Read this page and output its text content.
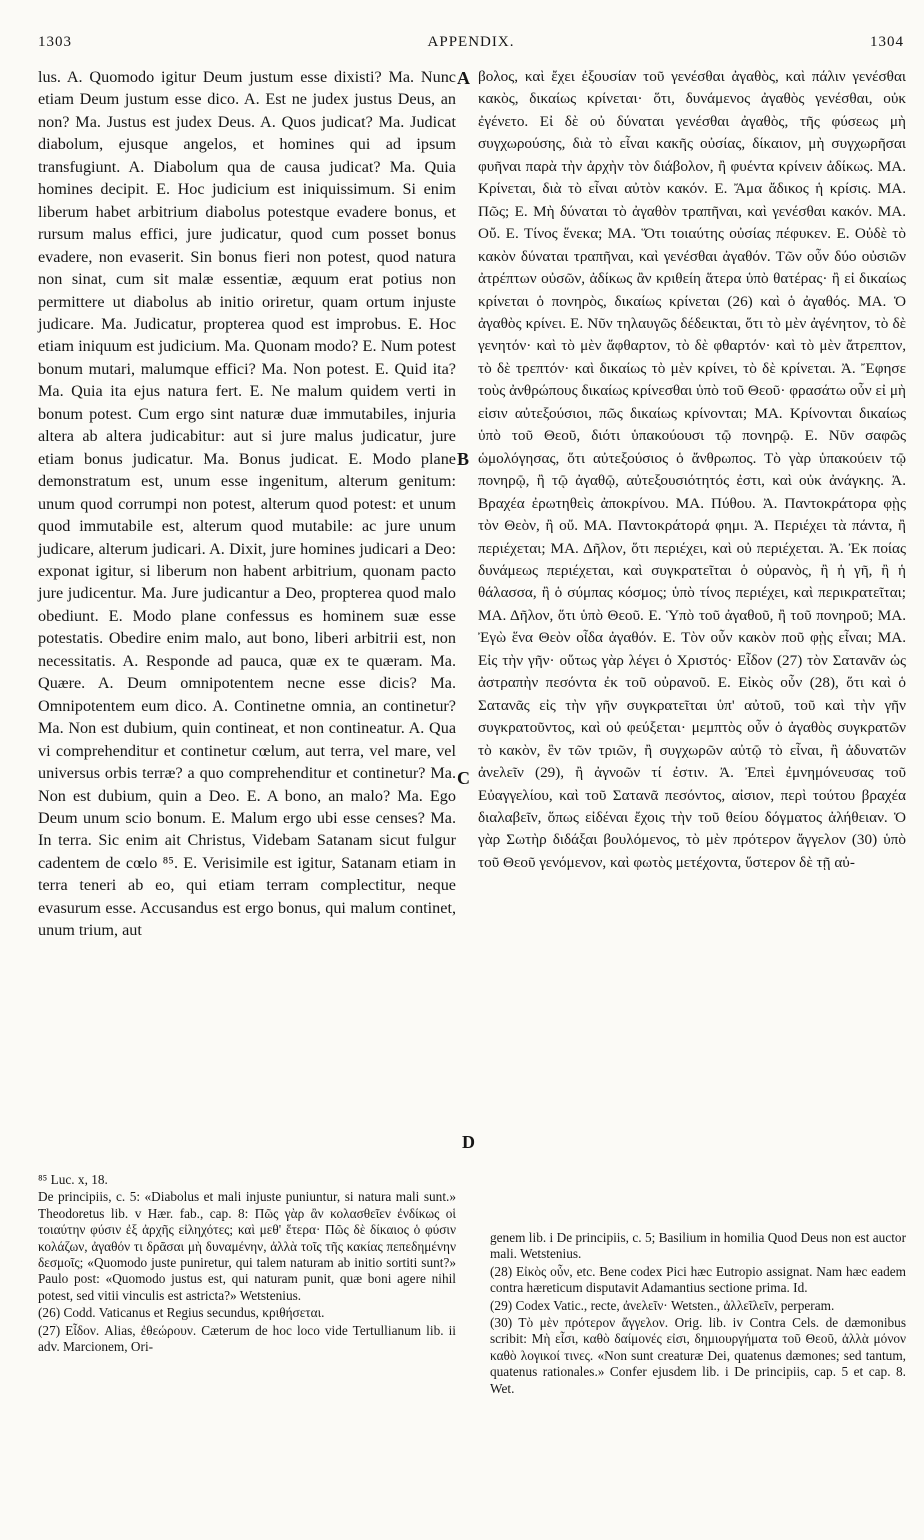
1303	APPENDIX.	1304

lus. A. Quomodo igitur Deum justum esse dixisti? Ma. Nunc etiam Deum justum esse dico. A. Est ne judex justus Deus, an non? Ma. Justus est judex Deus. A. Quos judicat? Ma. Judicat diabolum, ejusque angelos, et homines qui ad ipsum transfugiunt. A. Diabolum qua de causa judicat? Ma. Quia homines decipit. E. Hoc judicium est iniquissimum. Si enim liberum habet arbitrium diabolus potestque evadere bonus, et rursum malus effici, jure judicatur, quod cum posset bonus evadere, non evaserit. Sin bonus fieri non potest, quod natura non sinat, cum sit malæ essentiæ, æquum erat potius non permittere ut diabolus ab initio oriretur, quam ortum injuste judicare. Ma. Judicatur, propterea quod est improbus. E. Hoc etiam iniquum est judicium. Ma. Quonam modo? E. Num potest bonum mutari, malumque effici? Ma. Non potest. E. Quid ita? Ma. Quia ita ejus natura fert. E. Ne malum quidem verti in bonum potest. Cum ergo sint naturæ duæ immutabiles, injuria altera ab altera judicabitur: aut si jure malus judicatur, jure etiam bonus judicatur. Ma. Bonus judicat. E. Modo plane demonstratum est, unum esse ingenitum, alterum genitum: unum quod corrumpi non potest, alterum quod potest: et unum quod immutabile est, alterum quod mutabile: ac jure unum judicare, alterum judicari. A. Dixit, jure homines judicari a Deo: exponat igitur, si liberum non habent arbitrium, quonam pacto jure judicentur. Ma. Jure judicantur a Deo, propterea quod malo obediunt. E. Modo plane confessus es hominem suæ esse potestatis. Obedire enim malo, aut bono, liberi arbitrii est, non necessitatis. A. Responde ad pauca, quæ ex te quæram. Ma. Quære. A. Deum omnipotentem necne esse dicis? Ma. Omnipotentem eum dico. A. Continetne omnia, an continetur? Ma. Non est dubium, quin contineat, et non contineatur. A. Qua vi comprehenditur et continetur cœlum, aut terra, vel mare, vel universus orbis terræ? a quo comprehenditur et continetur? Ma. Non est dubium, quin a Deo. E. A bono, an malo? Ma. Ego Deum unum scio bonum. E. Malum ergo ubi esse censes? Ma. In terra. Sic enim ait Christus, Videbam Satanam sicut fulgur cadentem de cœlo ⁸⁵. E. Verisimile est igitur, Satanam etiam in terra teneri ab eo, qui etiam terram complectitur, neque evasurum esse. Accusandus est ergo bonus, qui malum continet, unum trium, aut

βολος, καὶ ἔχει ἐξουσίαν τοῦ γενέσθαι ἀγαθὸς, καὶ πάλιν γενέσθαι κακὸς, δικαίως κρίνεται· ὅτι, δυνάμενος ἀγαθὸς γενέσθαι, οὐκ ἐγένετο. Εἰ δὲ οὐ δύναται γενέσθαι ἀγαθὸς, τῆς φύσεως μὴ συγχωρούσης, διὰ τὸ εἶναι κακῆς οὐσίας, δίκαιον, μὴ συγχωρῆσαι φυῆναι παρὰ τὴν ἀρχὴν τὸν διάβολον, ἢ φυέντα κρίνειν ἀδίκως. ΜΑ. Κρίνεται, διὰ τὸ εἶναι αὐτὸν κακόν. Ε. Ἄμα ἄδικος ἡ κρίσις. ΜΑ. Πῶς; Ε. Μὴ δύναται τὸ ἀγαθὸν τραπῆναι, καὶ γενέσθαι κακόν. ΜΑ. Οὔ. Ε. Τίνος ἕνεκα; ΜΑ. Ὅτι τοιαύτης οὐσίας πέφυκεν. Ε. Οὐδὲ τὸ κακὸν δύναται τραπῆναι, καὶ γενέσθαι ἀγαθόν. Τῶν οὖν δύο οὐσιῶν ἀτρέπτων οὐσῶν, ἀδίκως ἂν κριθείη ἅτερα ὑπὸ θατέρας· ἢ εἰ δικαίως κρίνεται ὁ πονηρὸς, δικαίως κρίνεται (26) καὶ ὁ ἀγαθός. ΜΑ. Ὁ ἀγαθὸς κρίνει. Ε. Νῦν τηλαυγῶς δέδεικται, ὅτι τὸ μὲν ἀγένητον, τὸ δὲ γενητόν· καὶ τὸ μὲν ἄφθαρτον, τὸ δὲ φθαρτόν· καὶ τὸ μὲν ἄτρεπτον, τὸ δὲ τρεπτόν· καὶ δικαίως τὸ μὲν κρίνει, τὸ δὲ κρίνεται. Ἀ. Ἔφησε τοὺς ἀνθρώπους δικαίως κρίνεσθαι ὑπὸ τοῦ Θεοῦ· φρασάτω οὖν εἰ μὴ εἰσιν αὐτεξούσιοι, πῶς δικαίως κρίνονται; ΜΑ. Κρίνονται δικαίως ὑπὸ τοῦ Θεοῦ, διότι ὑπακούουσι τῷ πονηρῷ. Ε. Νῦν σαφῶς ὡμολόγησας, ὅτι αὐτεξούσιος ὁ ἄνθρωπος. Τὸ γὰρ ὑπακούειν τῷ πονηρῷ, ἢ τῷ ἀγαθῷ, αὐτεξουσιότητός ἐστι, καὶ οὐκ ἀνάγκης. Ἀ. Βραχέα ἐρωτηθεὶς ἀποκρίνου. ΜΑ. Πύθου. Ἀ. Παντοκράτορα φῂς τὸν Θεὸν, ἢ οὔ. ΜΑ. Παντοκράτορά φημι. Ἀ. Περιέχει τὰ πάντα, ἢ περιέχεται; ΜΑ. Δῆλον, ὅτι περιέχει, καὶ οὐ περιέχεται. Ἀ. Ἐκ ποίας δυνάμεως περιέχεται, καὶ συγκρατεῖται ὁ οὐρανὸς, ἢ ἡ γῆ, ἢ ἡ θάλασσα, ἢ ὁ σύμπας κόσμος; ὑπὸ τίνος περιέχει, καὶ περικρατεῖται; ΜΑ. Δῆλον, ὅτι ὑπὸ Θεοῦ. Ε. Ὑπὸ τοῦ ἀγαθοῦ, ἢ τοῦ πονηροῦ; ΜΑ. Ἐγὼ ἕνα Θεὸν οἶδα ἀγαθόν. Ε. Τὸν οὖν κακὸν ποῦ φῂς εἶναι; ΜΑ. Εἰς τὴν γῆν· οὕτως γὰρ λέγει ὁ Χριστός· Εἶδον (27) τὸν Σατανᾶν ὡς ἀστραπὴν πεσόντα ἐκ τοῦ οὐρανοῦ. Ε. Εἰκὸς οὖν (28), ὅτι καὶ ὁ Σατανᾶς εἰς τὴν γῆν συγκρατεῖται ὑπ' αὐτοῦ, τοῦ καὶ τὴν γῆν συγκρατοῦντος, καὶ οὐ φεύξεται· μεμπτὸς οὖν ὁ ἀγαθὸς συγκρατῶν τὸ κακὸν, ἓν τῶν τριῶν, ἢ συγχωρῶν αὐτῷ τὸ εἶναι, ἢ ἀδυνατῶν ἀνελεῖν (29), ἢ ἀγνοῶν τί ἐστιν. Ἀ. Ἐπεὶ ἐμνημόνευσας τοῦ Εὐαγγελίου, καὶ τοῦ Σατανᾶ πεσόντος, αἰσιον, περὶ τούτου βραχέα διαλαβεῖν, ὅπως εἰδέναι ἔχοις τὴν τοῦ θείου δόγματος ἀλήθειαν. Ὁ γὰρ Σωτὴρ διδάξαι βουλόμενος, τὸ μὲν πρότερον ἄγγελον (30) ὑπὸ τοῦ Θεοῦ γενόμενον, καὶ φωτὸς μετέχοντα, ὕστερον δὲ τῇ αὐ-

A
B
C
D

⁸⁵ Luc. x, 18.

De principiis, c. 5: «Diabolus et mali injuste puniuntur, si natura mali sunt.» Theodoretus lib. v Hær. fab., cap. 8: Πῶς γὰρ ἂν κολασθεῖεν ἐνδίκως οἱ τοιαύτην φύσιν ἐξ ἀρχῆς εἰληχότες; καὶ μεθ' ἕτερα· Πῶς δὲ δίκαιος ὁ φύσιν κολάζων, ἀγαθόν τι δρᾶσαι μὴ δυναμένην, ἀλλὰ τοῖς τῆς κακίας πεπεδημένην δεσμοῖς; «Quomodo juste puniretur, qui talem naturam ab initio sortiti sunt?» Paulo post: «Quomodo justus est, qui naturam punit, quæ boni agere nihil potest, sed vitii vinculis est astricta?» Wetstenius.

(26) Codd. Vaticanus et Regius secundus, κριθήσεται.

(27) Εἶδον. Alias, ἐθεώρουν. Cæterum de hoc loco vide Tertullianum lib. ii adv. Marcionem, Ori-

genem lib. i De principiis, c. 5; Basilium in homilia Quod Deus non est auctor mali. Wetstenius.

(28) Εἰκὸς οὖν, etc. Bene codex Pici hæc Eutropio assignat. Nam hæc eadem contra hæreticum disputavit Adamantius sectione prima. Id.

(29) Codex Vatic., recte, ἀνελεῖν· Wetsten., ἀλλεῖλεῖν, perperam.

(30) Τὸ μὲν πρότερον ἄγγελον. Orig. lib. iv Contra Cels. de dæmonibus scribit: Μὴ εἶσι, καθὸ δαίμονές εἰσι, δημιουργήματα τοῦ Θεοῦ, ἀλλὰ μόνον καθὸ λογικοί τινες. «Non sunt creaturæ Dei, quatenus dæmones; sed tantum, quatenus rationales.» Confer ejusdem lib. i De principiis, cap. 5 et cap. 8. Wet.
